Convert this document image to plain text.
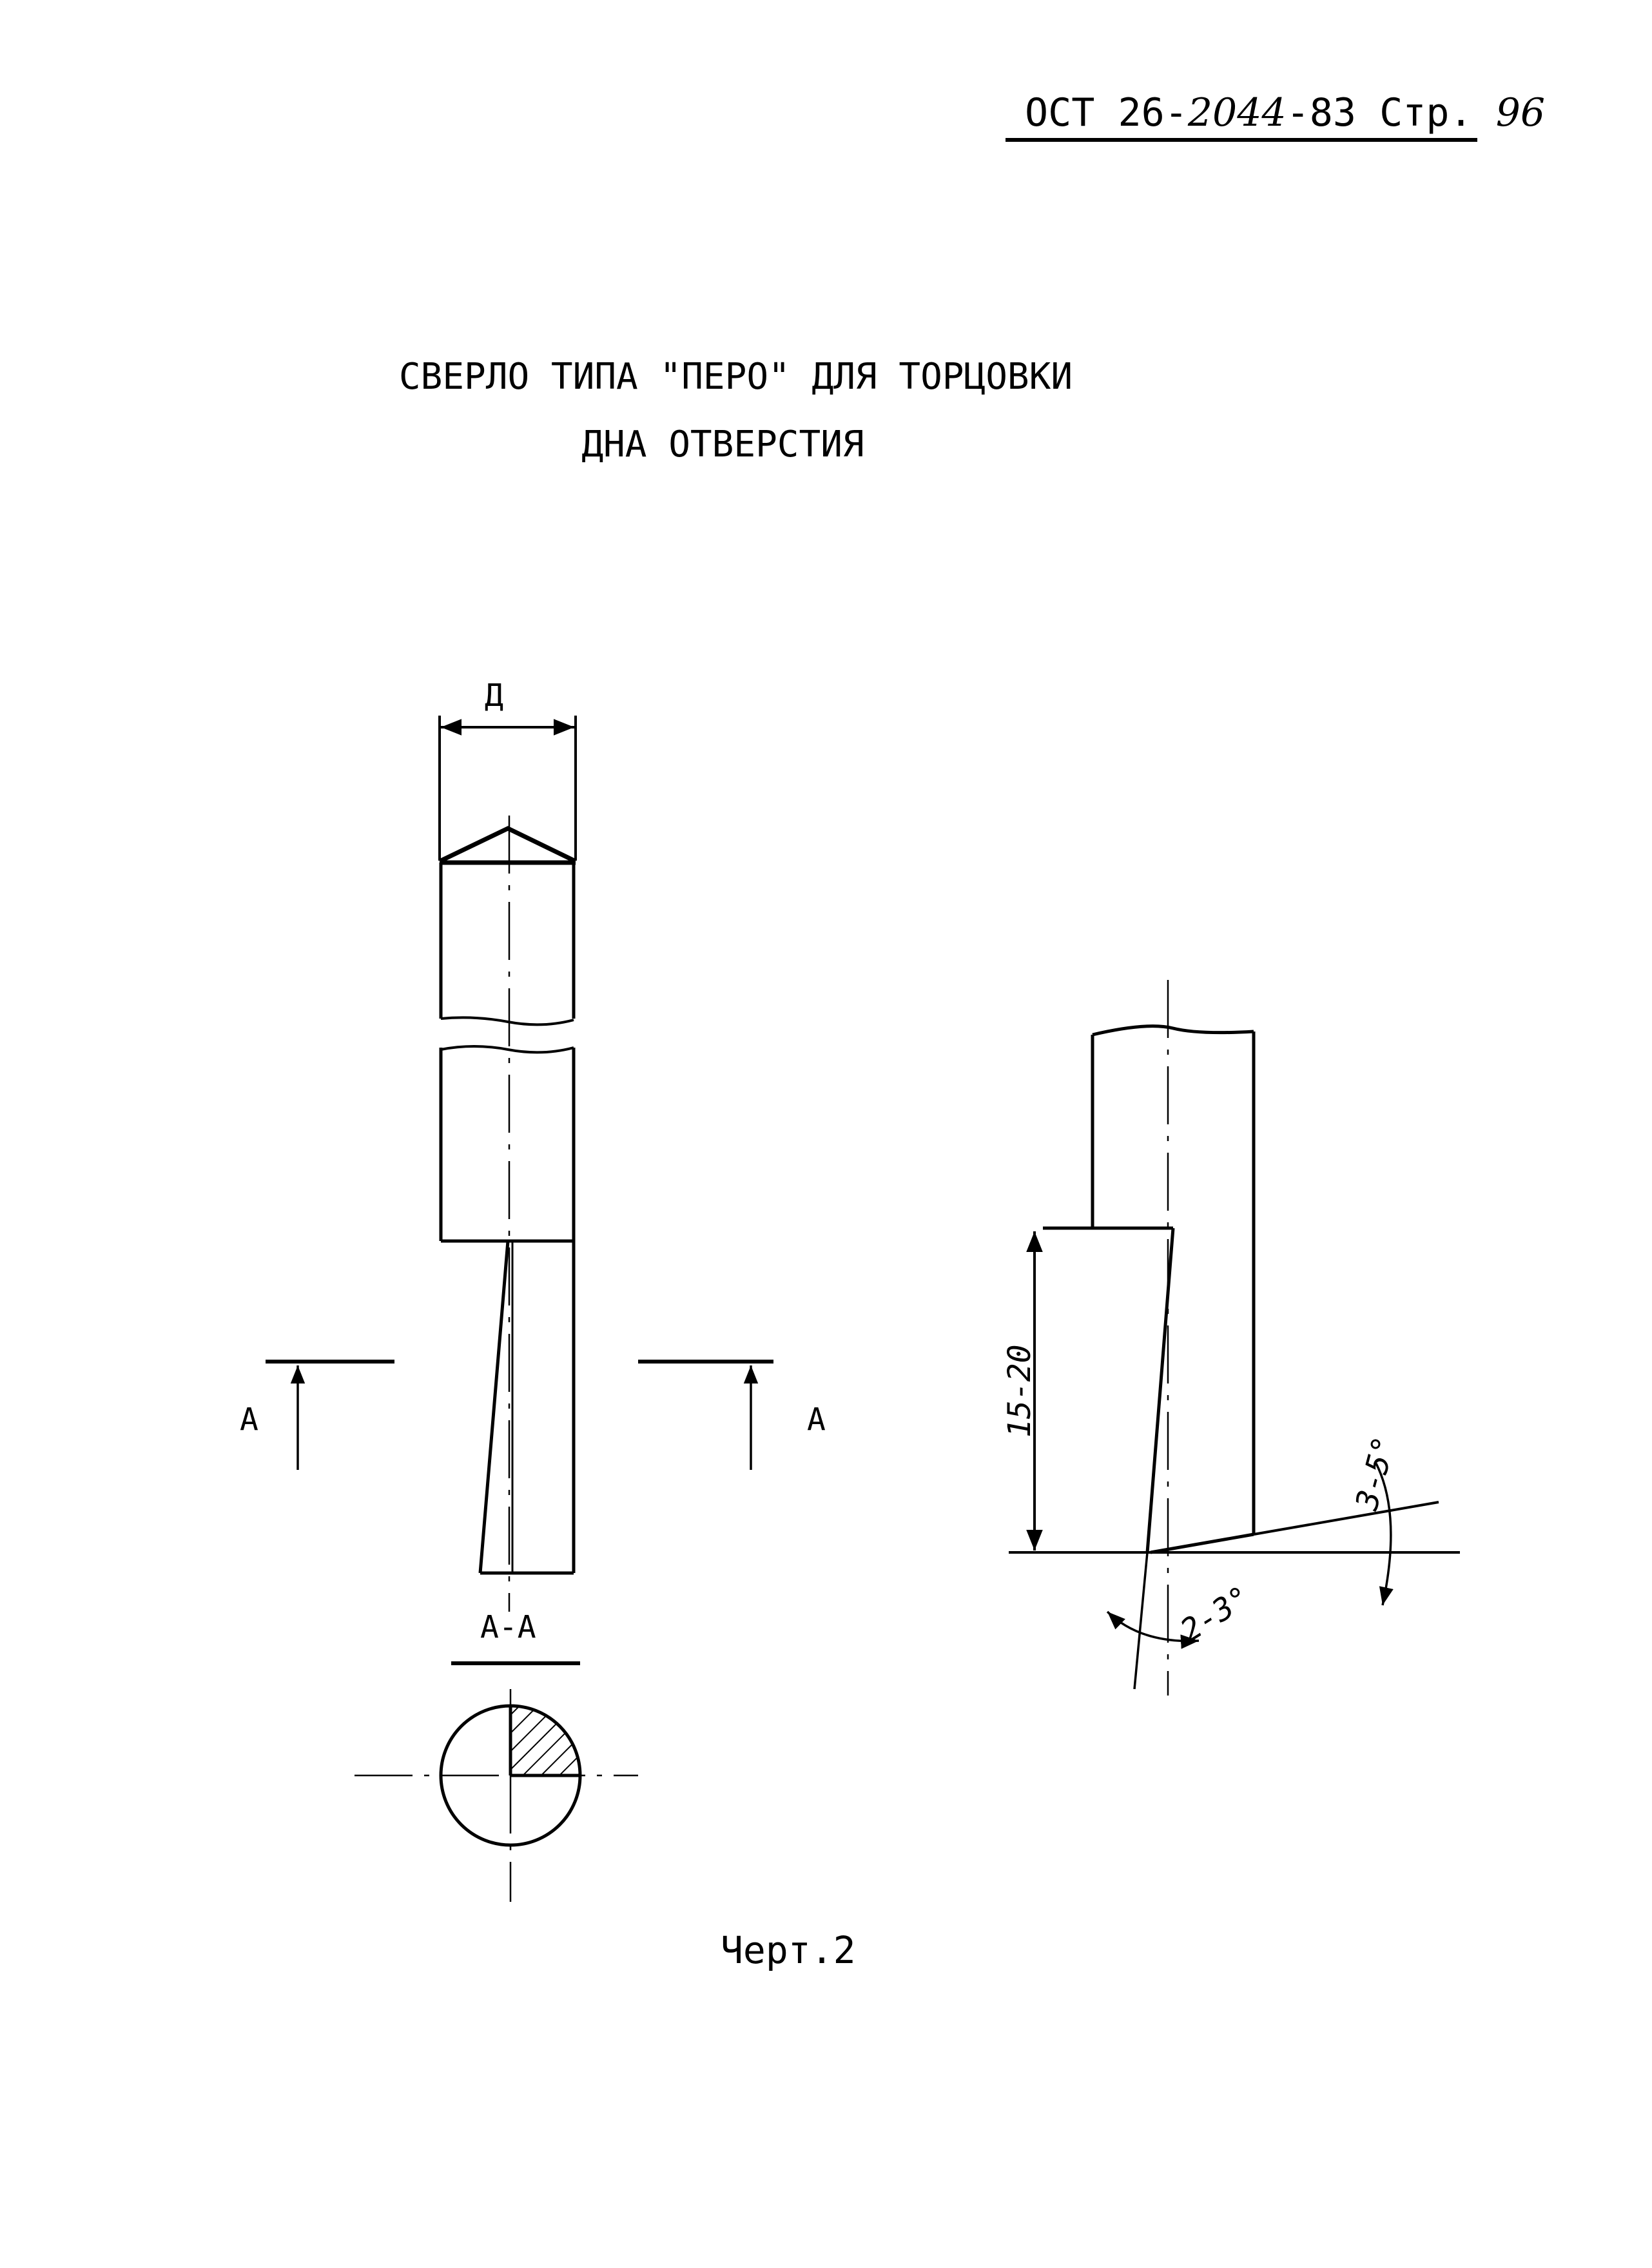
ОСТ 26-2044-83 Стр. 96
СВЕРЛО ТИПА "ПЕРО" ДЛЯ ТОРЦОВКИ
ДНА ОТВЕРСТИЯ
А	А
Д
А-А
15-20
3-5°
2-3°
Черт.2
